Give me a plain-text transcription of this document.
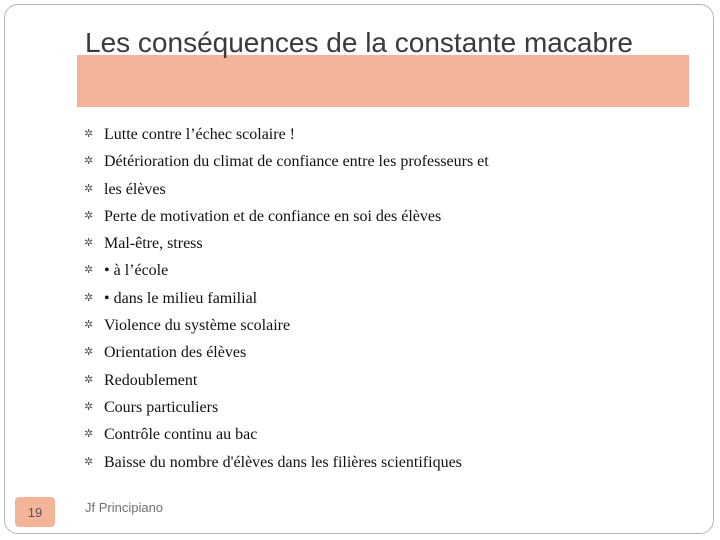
Les conséquences de la constante macabre
✲ Lutte contre l’échec scolaire !
✲ Détérioration du climat de confiance entre les professeurs et
✲ les élèves
✲ Perte de motivation et de confiance en soi des élèves
✲ Mal-être, stress
✲ • à l’école
✲ • dans le milieu familial
✲ Violence du système scolaire
✲ Orientation des élèves
✲ Redoublement
✲ Cours particuliers
✲ Contrôle continu au bac
✲ Baisse du nombre d'élèves dans les filières scientifiques
19	Jf Principiano
